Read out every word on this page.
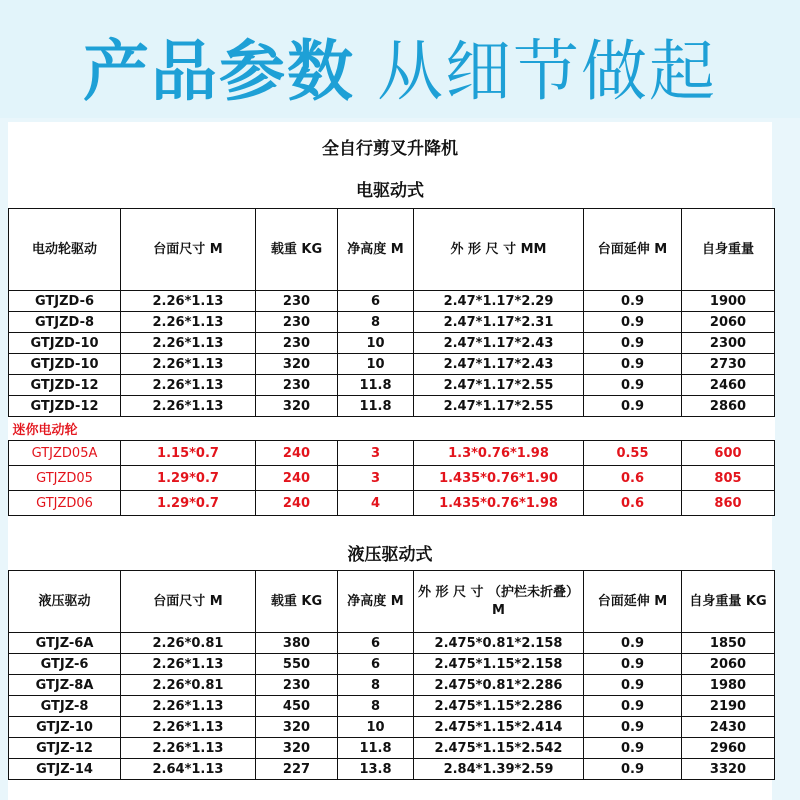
产品参数 从细节做起
全自行剪叉升降机
电驱动式
电动轮驱动	台面尺寸 M	载重 KG	净高度 M	外 形 尺 寸 MM	台面延伸 M	自身重量
GTJZD-6	2.26*1.13	230	6	2.47*1.17*2.29	0.9	1900
GTJZD-8	2.26*1.13	230	8	2.47*1.17*2.31	0.9	2060
GTJZD-10	2.26*1.13	230	10	2.47*1.17*2.43	0.9	2300
GTJZD-10	2.26*1.13	320	10	2.47*1.17*2.43	0.9	2730
GTJZD-12	2.26*1.13	230	11.8	2.47*1.17*2.55	0.9	2460
GTJZD-12	2.26*1.13	320	11.8	2.47*1.17*2.55	0.9	2860
迷你电动轮						
GTJZD05A	1.15*0.7	240	3	1.3*0.76*1.98	0.55	600
GTJZD05	1.29*0.7	240	3	1.435*0.76*1.90	0.6	805
GTJZD06	1.29*0.7	240	4	1.435*0.76*1.98	0.6	860
液压驱动式
液压驱动	台面尺寸 M	载重 KG	净高度 M	外 形 尺 寸 （护栏未折叠）M	台面延伸 M	自身重量 KG
GTJZ-6A	2.26*0.81	380	6	2.475*0.81*2.158	0.9	1850
GTJZ-6	2.26*1.13	550	6	2.475*1.15*2.158	0.9	2060
GTJZ-8A	2.26*0.81	230	8	2.475*0.81*2.286	0.9	1980
GTJZ-8	2.26*1.13	450	8	2.475*1.15*2.286	0.9	2190
GTJZ-10	2.26*1.13	320	10	2.475*1.15*2.414	0.9	2430
GTJZ-12	2.26*1.13	320	11.8	2.475*1.15*2.542	0.9	2960
GTJZ-14	2.64*1.13	227	13.8	2.84*1.39*2.59	0.9	3320
